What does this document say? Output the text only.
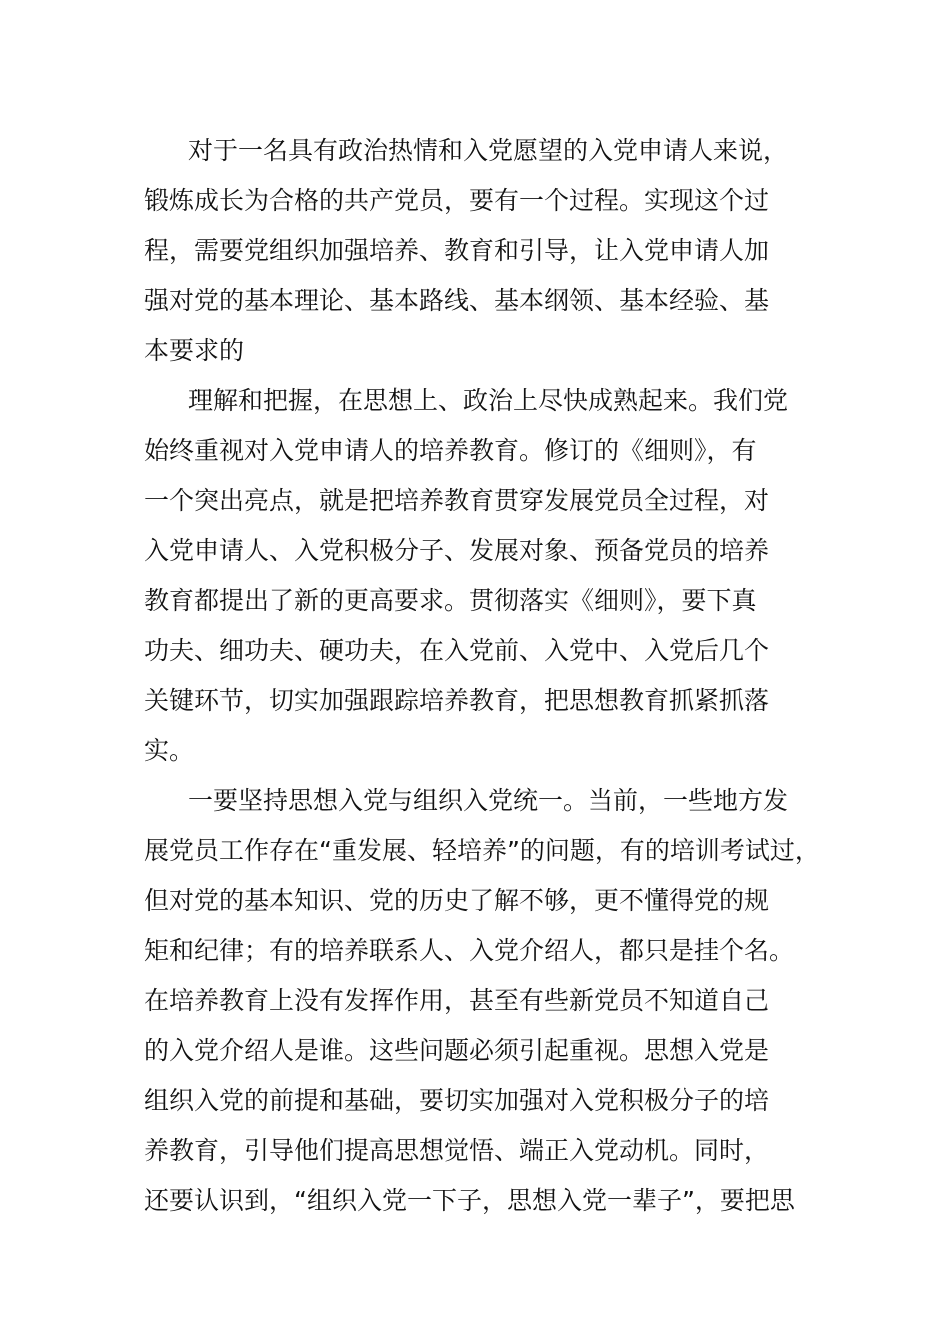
对于一名具有政治热情和入党愿望的入党申请人来说，
锻炼成长为合格的共产党员，要有一个过程。实现这个过
程，需要党组织加强培养、教育和引导，让入党申请人加
强对党的基本理论、基本路线、基本纲领、基本经验、基
本要求的
理解和把握，在思想上、政治上尽快成熟起来。我们党
始终重视对入党申请人的培养教育。修订的《细则》，有
一个突出亮点，就是把培养教育贯穿发展党员全过程，对
入党申请人、入党积极分子、发展对象、预备党员的培养
教育都提出了新的更高要求。贯彻落实《细则》，要下真
功夫、细功夫、硬功夫，在入党前、入党中、入党后几个
关键环节，切实加强跟踪培养教育，把思想教育抓紧抓落
实。
一要坚持思想入党与组织入党统一。当前，一些地方发
展党员工作存在“重发展、轻培养”的问题，有的培训考试过，
但对党的基本知识、党的历史了解不够，更不懂得党的规
矩和纪律；有的培养联系人、入党介绍人，都只是挂个名。
在培养教育上没有发挥作用，甚至有些新党员不知道自己
的入党介绍人是谁。这些问题必须引起重视。思想入党是
组织入党的前提和基础，要切实加强对入党积极分子的培
养教育，引导他们提高思想觉悟、端正入党动机。同时，
还要认识到，“组织入党一下子，思想入党一辈子”，要把思
